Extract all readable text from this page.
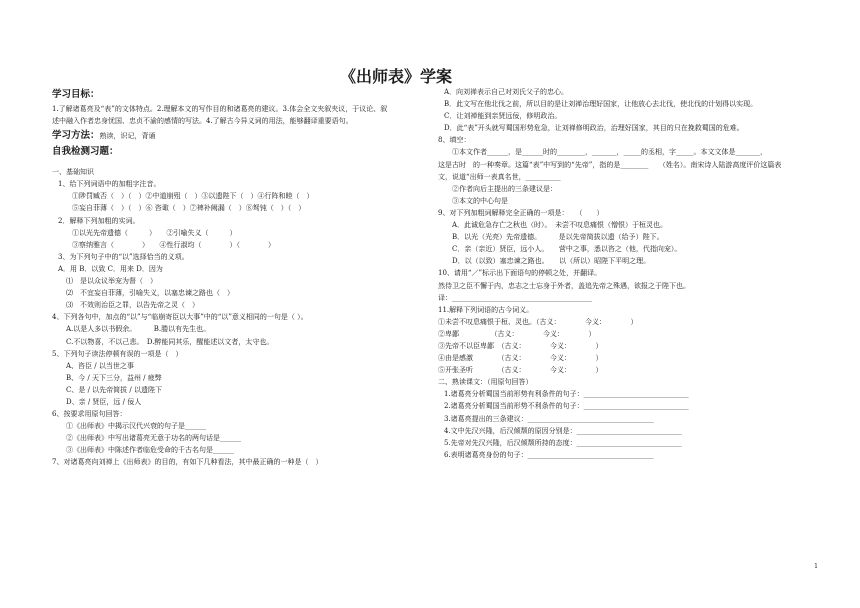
《出师表》学案
学习目标：
1.了解诸葛亮及“表”的文体特点。2.理解本文的写作目的和诸葛亮的建议。3.体会全文夹叙夹议，于议论、叙
述中融入作者忠身忧国、忠贞不渝的感情的写法。4.了解古今异义词的用法，能够翻译重要语句。
学习方法：熟读，识记，背诵
自我检测习题：
一、基础知识
1、给下列词语中的加粗字注音。
①陟罚臧否（　）（　）②中道崩殂（　）③以遗陛下（　）④行阵和睦（　）
⑤妄自菲薄（　）（　）⑥ 咨诹（　）⑦裨补阙漏（　）⑧驽钝（　）（　）
2．解释下列加粗的实词。
①以光先帝遗德（　　　）　　②引喻失义（　　　）
③察纳雅言（　　　　）　　④性行淑均（　　　　）（　　　　）
3、为下列句子中的“以”选择恰当的义项。
A．用 B．以致 C．用来 D．因为
⑴　是以众议举宠为督（　）
⑵　不宜妄自菲薄，引喻失义，以塞忠谏之路也（　）
⑶　不效则治臣之罪，以告先帝之灵（　）
4、下列各句中，加点的“以”与“临崩寄臣以大事”中的“以”意义相同的一句是（ ）。
A.以是人多以书假余。　　　B.媵以有先生也。
C.不以物喜，不以己悲。　D.醉能同其乐，醒能述以文者，太守也。
5、下列句子读法停顿有误的一项是（　）
A、咨臣 / 以当世之事
B、今 / 天下三分，益州 / 疲弊
C、是 / 以先帝简拔 / 以遗陛下
D、亲 / 贤臣，远 / 佞人
6、按要求用原句回答：
①《出师表》中揭示汉代兴衰的句子是______
②《出师表》中写出诸葛亮无意于功名的两句话是______
③《出师表》中陈述作者临危受命的千古名句是______
7、对诸葛亮向刘禅上《出师表》的目的，有如下几种看法，其中最正确的一种是（　）
A．向刘禅表示自己对刘氏父子的忠心。
B．此文写在他北伐之前，所以目的是让刘禅治理好国家，让他放心去北伐，使北伐的计划得以实现。
C．让刘禅能到亲贤远佞，修明政治。
D．此“表”开头就写蜀国形势危急，让刘禅修明政治，治理好国家，其目的只在挽救蜀国的危难。
8、填空：
①本文作者______，是______时的________，_______，_____的丞相，字_____。本文文体是_______，
这是古时　的一种奏章。这篇“表”中写到的“先帝”，指的是________　　（姓名）。南宋诗人陆游高度评价这篇表
文，说道“出师一表真名世，__________
②作者向后主提出的三条建议是：
③本文的中心句是
9、对下列加粗词解释完全正确的一项是：　　（　　）
A．此诚危急存亡之秋也（时）。　未尝不叹息痛恨（憎恨）于桓灵也。
B．以光（光亮）先帝遗德。　　　是以先帝简拔以遗（给予）陛下。
C．亲（亲近）贤臣，远小人。　　营中之事，悉以咨之（他，代指向宠）。
D．以（以致）塞忠谏之路也。　　以（所以）昭陛下平明之理。
10、请用“／”标示出下面语句的停顿之处，并翻译。
然侍卫之臣不懈于内，忠志之士忘身于外者，盖追先帝之殊遇，欲报之于陛下也。
译：________________________________________
11.解释下列词语的古今词义。
①未尝不叹息痛恨于桓、灵也。（古义：　　　　今义：　　　　）
②卑鄙　　　　　（古义：　　　　今义：　　　　）
③先帝不以臣卑鄙　（古义：　　　　今义：　　　　）
④由是感激　　　　（古义：　　　　今义：　　　　）
⑤开张圣听　　　　（古义：　　　　今义：　　　　）
二、熟读课文：（用原句回答）
1.诸葛亮分析蜀国当前形势有利条件的句子：______________________________
2.诸葛亮分析蜀国当前形势不利条件的句子：______________________________
3.诸葛亮提出的三条建议：____________________________________
4.文中先汉兴隆，后汉倾颓的原因分别是：______________________________
5.先帝对先汉兴隆，后汉倾颓所持的态度：______________________________
6.表明诸葛亮身份的句子：____________________________________
1
